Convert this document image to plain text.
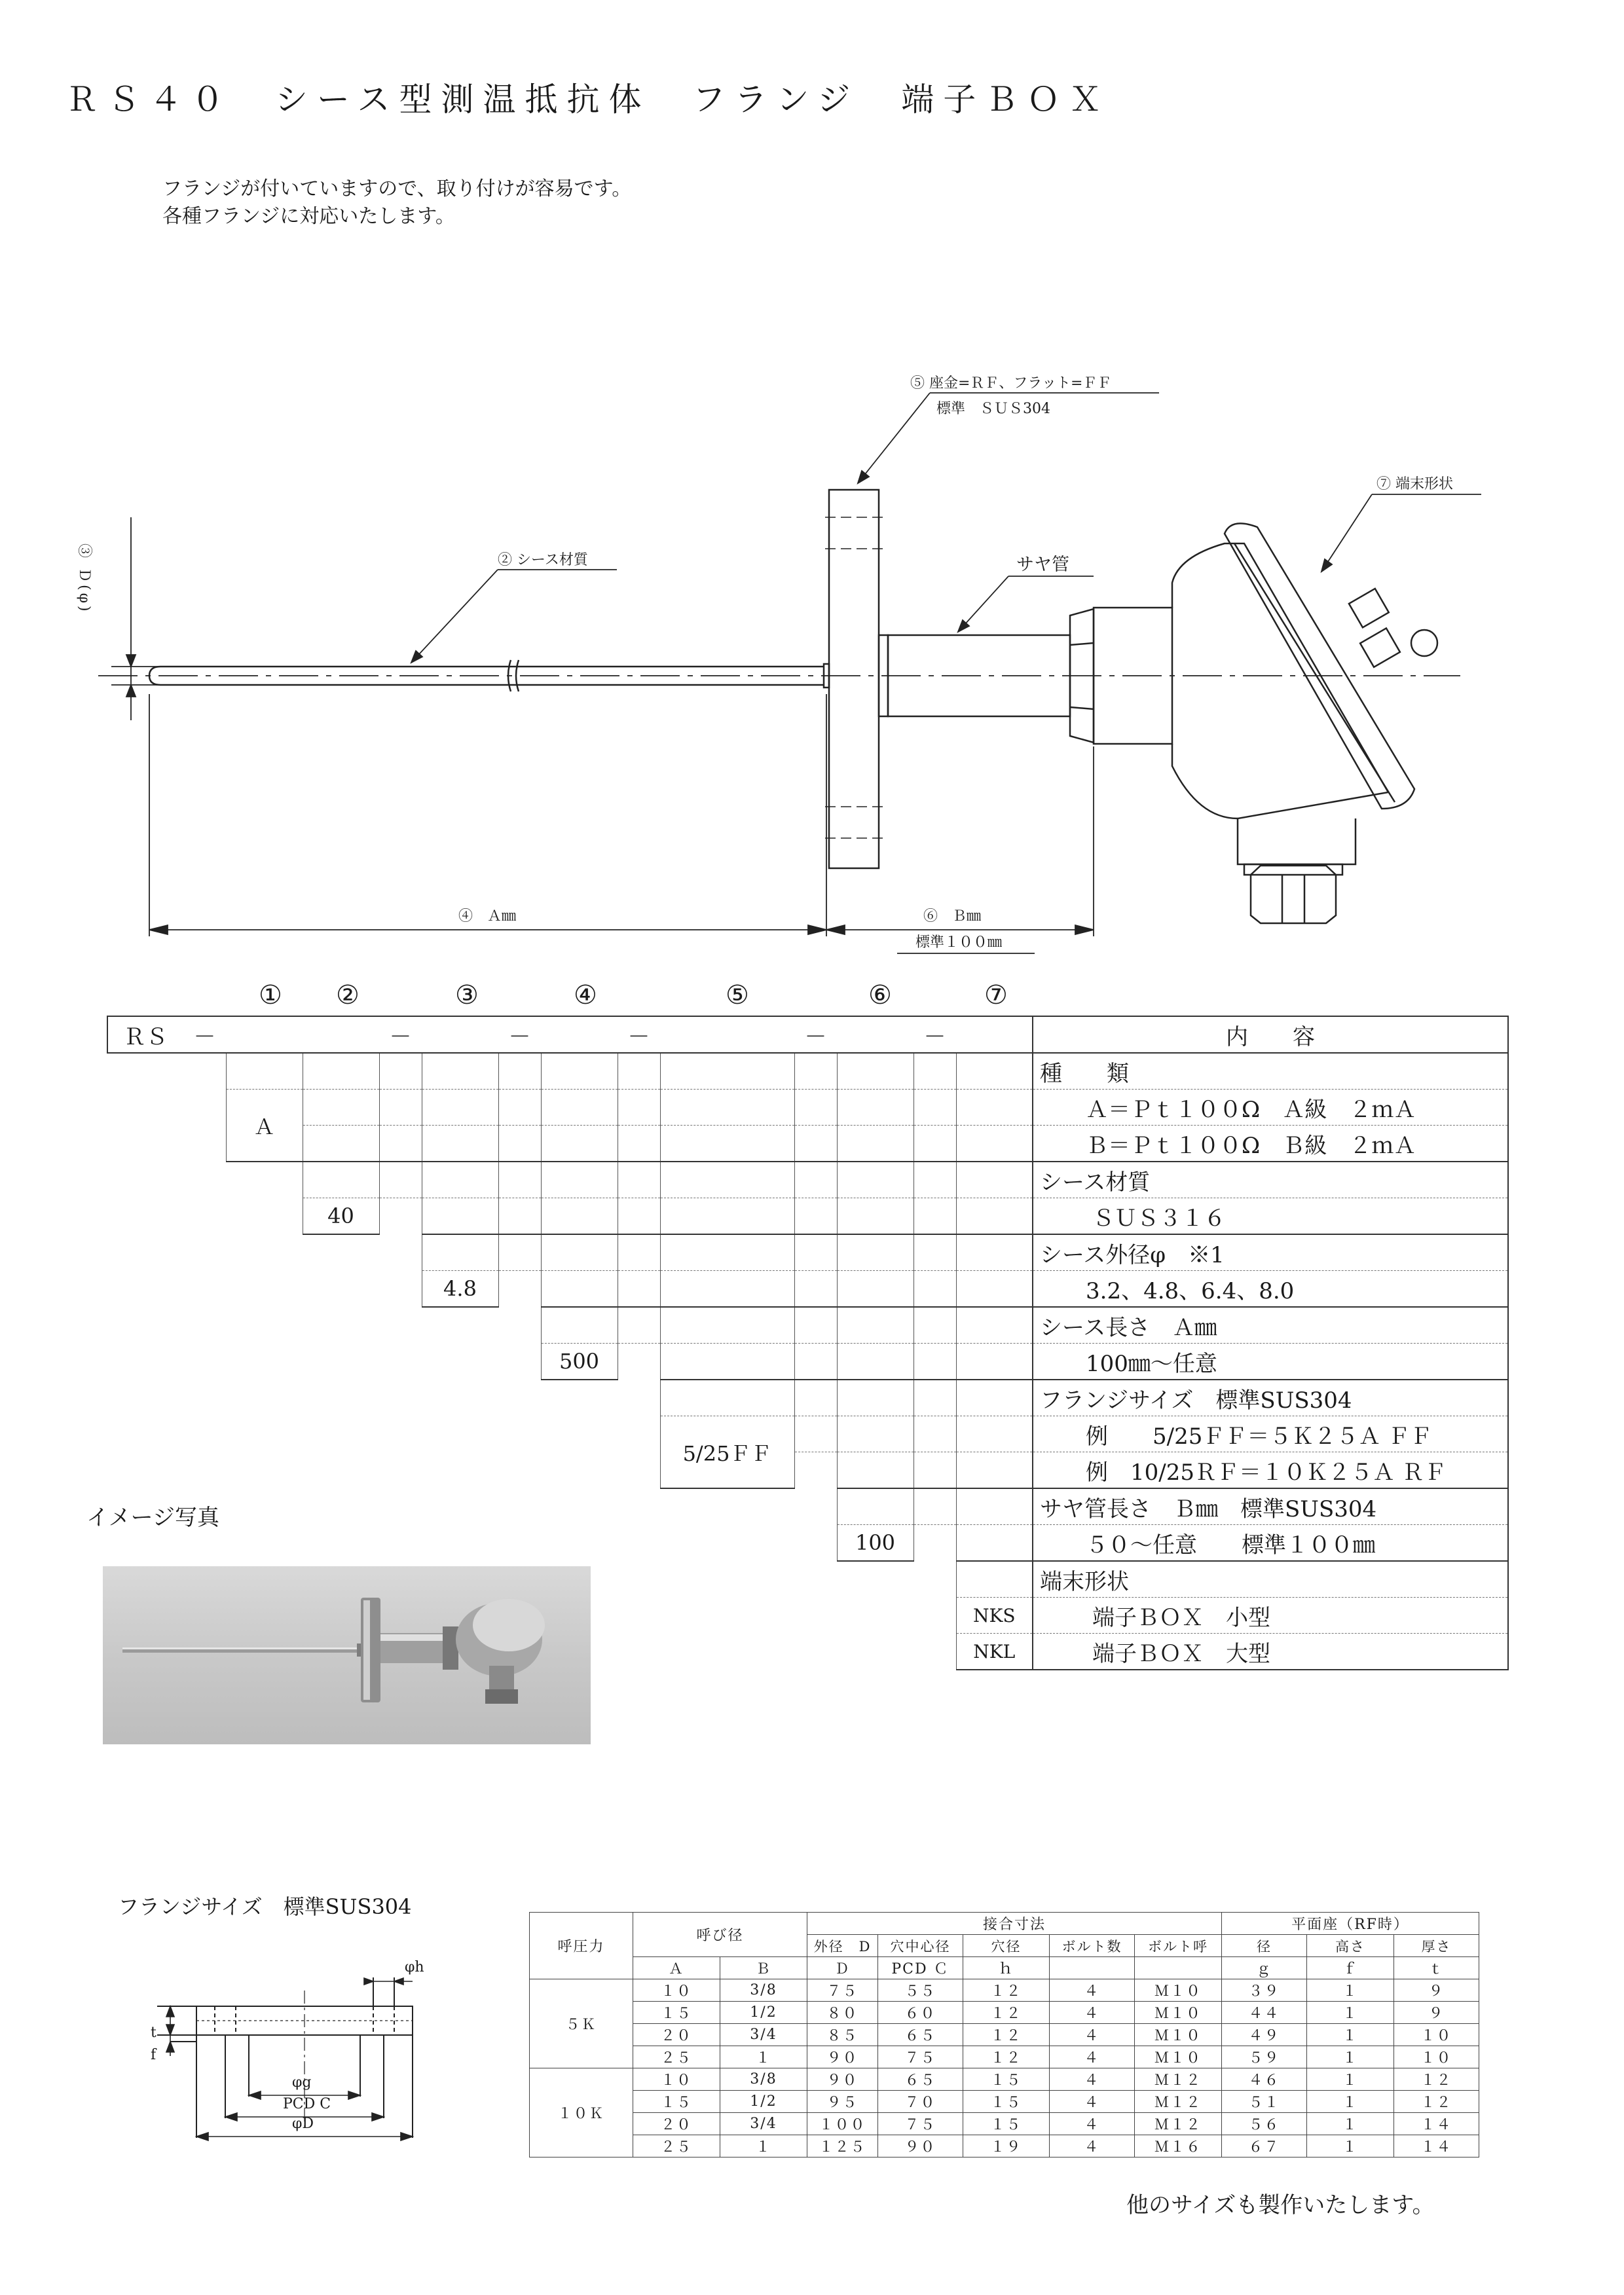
ＲＳ４０　シース型測温抵抗体　フランジ　端子ＢＯＸ
フランジが付いていますので、取り付けが容易です。
各種フランジに対応いたします。
③ Ｄ(φ)	② シース材質
⑤ 座金=ＲＦ、フラット=ＦＦ
標準　ＳＵＳ304
サヤ管
⑦ 端末形状
④　Ａ㎜	⑥　Ｂ㎜
標準１００㎜
① ②	③	④	⑤	⑥	⑦
ＲＳ	－			－		－		－		－		－		内　　容
														種　　類
		Ａ												Ａ＝Ｐｔ１００Ω　Ａ級　２ｍＡ
														Ｂ＝Ｐｔ１００Ω　Ｂ級　２ｍＡ
														シース材質
			40											ＳＵＳ３１６
														シース外径φ　※1
					4.8									3.2、4.8、6.4、8.0
														シース長さ　Ａ㎜
							500							100㎜～任意
														フランジサイズ　標準SUS304
									5/25ＦＦ					例　　5/25ＦＦ＝５Ｋ２５Ａ ＦＦ
														例　10/25ＲＦ＝１０Ｋ２５Ａ ＲＦ
														サヤ管長さ　Ｂ㎜　標準SUS304
											100			５０～任意　　標準１００㎜
														端末形状
													NKS	端子ＢＯＸ　小型
													NKL	端子ＢＯＸ　大型
イメージ写真
フランジサイズ　標準SUS304
φh
t
f
φg
PCD C
φD
呼圧力	呼び径		接合寸法					平面座（RF時）		
			外径　D	穴中心径	穴径	ボルト数	ボルト呼	径	高さ	厚さ
	Ａ	Ｂ	Ｄ	PCD Ｃ	ｈ			ｇ	ｆ	ｔ
５Ｋ	１０	3/8	７５	５５	１２	４	Ｍ１０	３９	１	９
	１５	1/2	８０	６０	１２	４	Ｍ１０	４４	１	９
	２０	3/4	８５	６５	１２	４	Ｍ１０	４９	１	１０
	２５	１	９０	７５	１２	４	Ｍ１０	５９	１	１０
１０Ｋ	１０	3/8	９０	６５	１５	４	Ｍ１２	４６	１	１２
	１５	1/2	９５	７０	１５	４	Ｍ１２	５１	１	１２
	２０	3/4	１００	７５	１５	４	Ｍ１２	５６	１	１４
	２５	１	１２５	９０	１９	４	Ｍ１６	６７	１	１４
他のサイズも製作いたします。
